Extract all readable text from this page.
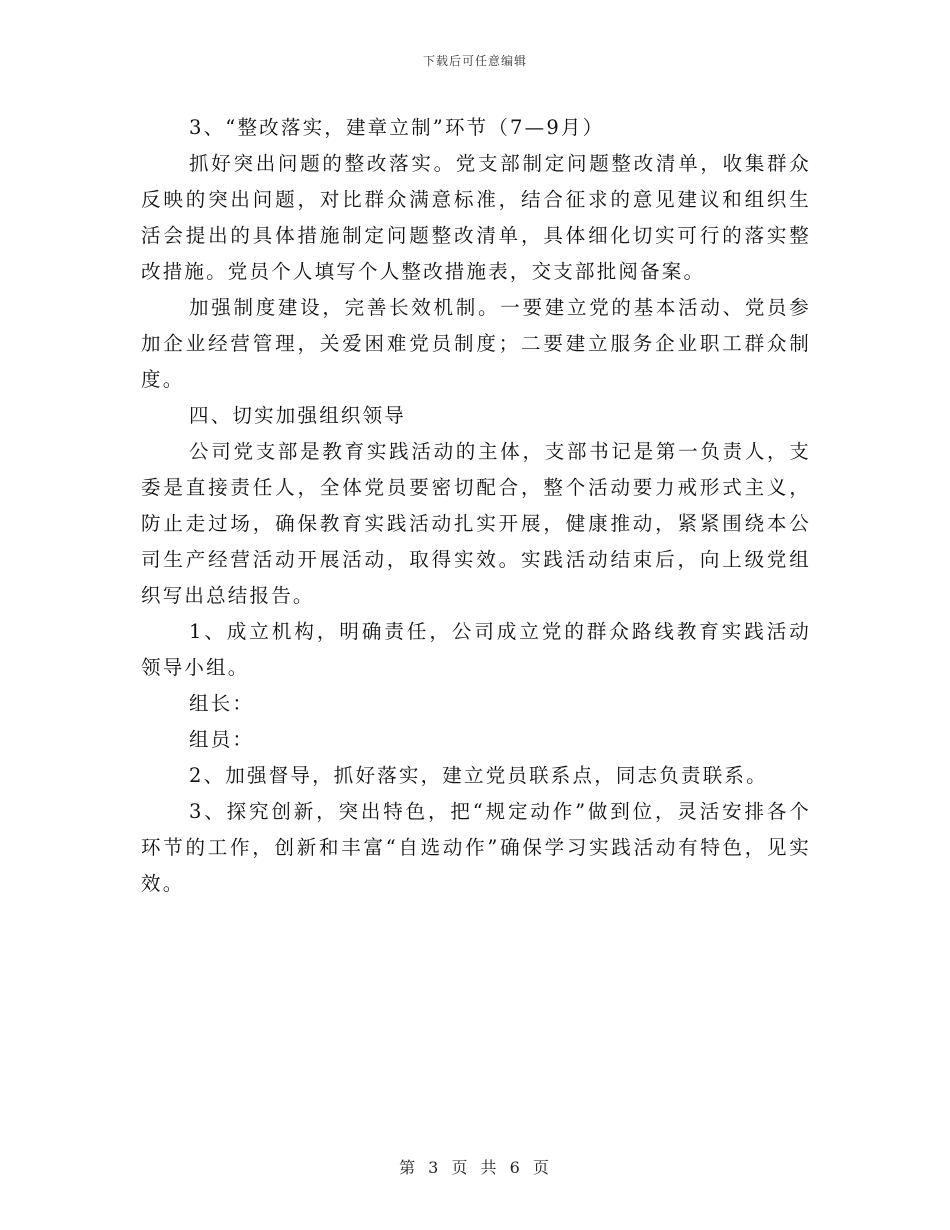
下载后可任意编辑

3、“整改落实，建章立制”环节（7—9月）

抓好突出问题的整改落实。党支部制定问题整改清单，收集群众反映的突出问题，对比群众满意标准，结合征求的意见建议和组织生活会提出的具体措施制定问题整改清单，具体细化切实可行的落实整改措施。党员个人填写个人整改措施表，交支部批阅备案。

加强制度建设，完善长效机制。一要建立党的基本活动、党员参加企业经营管理，关爱困难党员制度；二要建立服务企业职工群众制度。

四、切实加强组织领导

公司党支部是教育实践活动的主体，支部书记是第一负责人，支委是直接责任人，全体党员要密切配合，整个活动要力戒形式主义，防止走过场，确保教育实践活动扎实开展，健康推动，紧紧围绕本公司生产经营活动开展活动，取得实效。实践活动结束后，向上级党组织写出总结报告。

1、成立机构，明确责任，公司成立党的群众路线教育实践活动领导小组。

组长：

组员：

2、加强督导，抓好落实，建立党员联系点，同志负责联系。

3、探究创新，突出特色，把“规定动作”做到位，灵活安排各个环节的工作，创新和丰富“自选动作”确保学习实践活动有特色，见实效。

第 3 页 共 6 页
